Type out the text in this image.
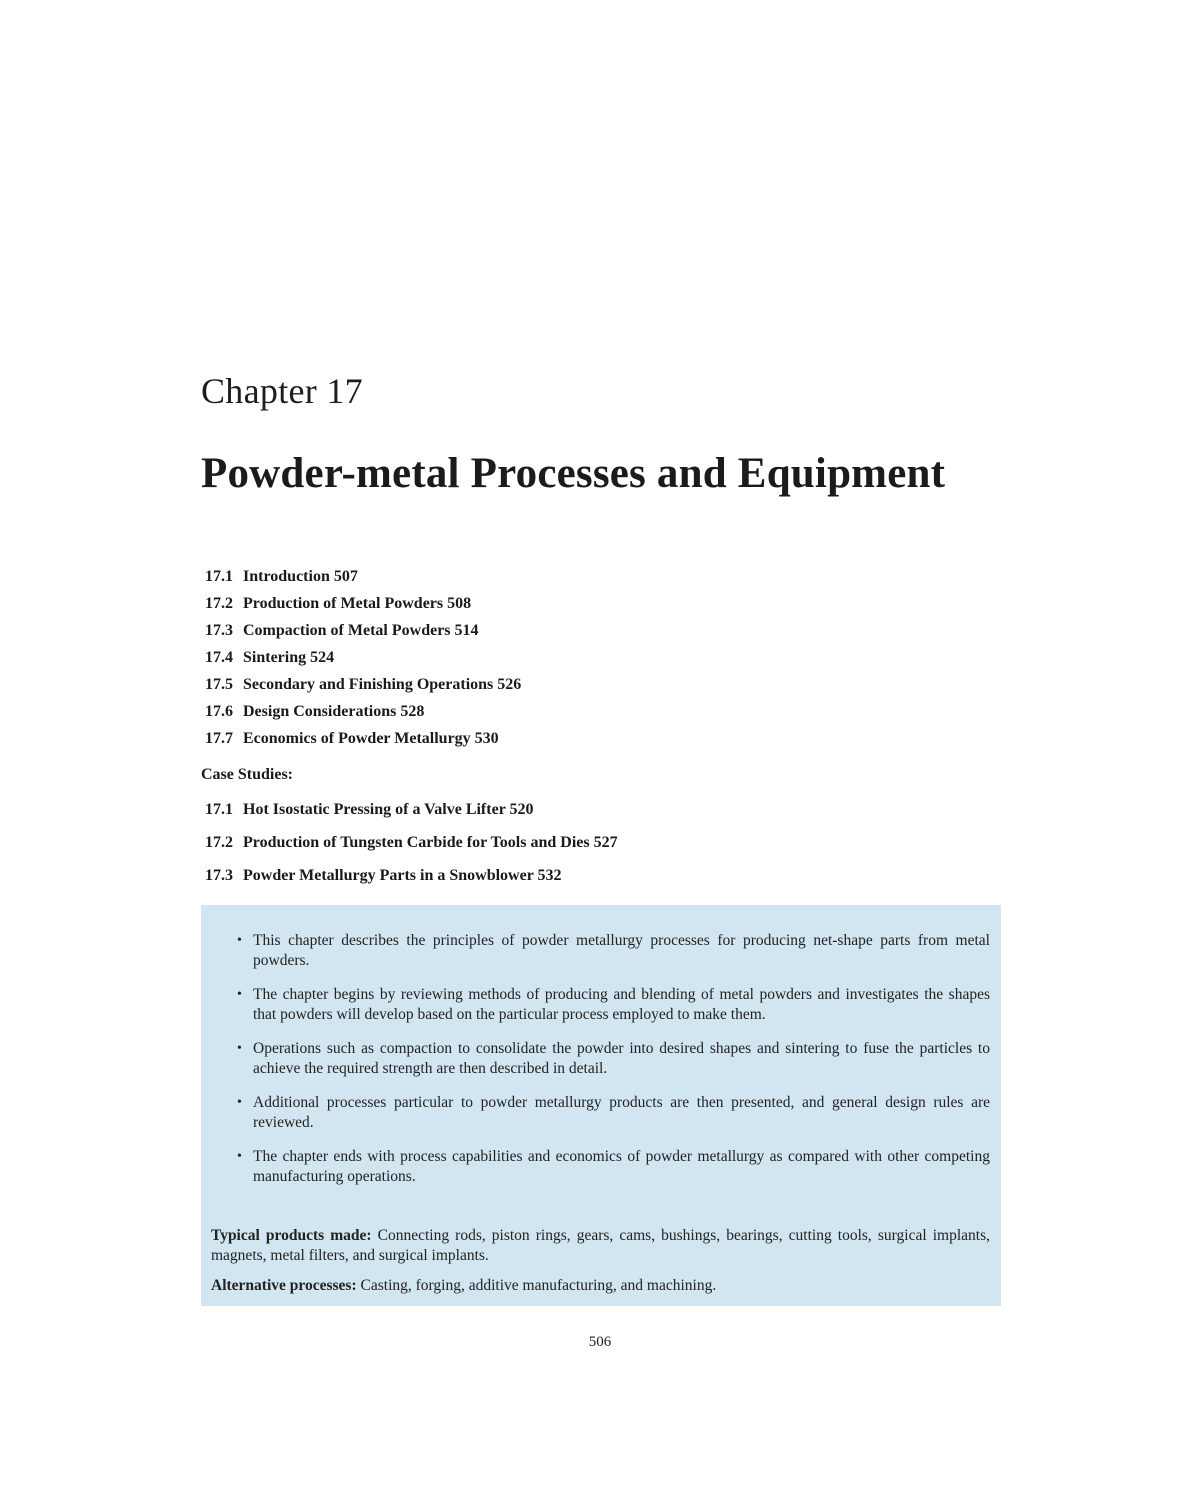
Chapter 17
Powder-metal Processes and Equipment
17.1 Introduction 507
17.2 Production of Metal Powders 508
17.3 Compaction of Metal Powders 514
17.4 Sintering 524
17.5 Secondary and Finishing Operations 526
17.6 Design Considerations 528
17.7 Economics of Powder Metallurgy 530
Case Studies:
17.1 Hot Isostatic Pressing of a Valve Lifter 520
17.2 Production of Tungsten Carbide for Tools and Dies 527
17.3 Powder Metallurgy Parts in a Snowblower 532
• This chapter describes the principles of powder metallurgy processes for producing net-shape parts from metal powders.
• The chapter begins by reviewing methods of producing and blending of metal powders and investigates the shapes that powders will develop based on the particular process employed to make them.
• Operations such as compaction to consolidate the powder into desired shapes and sintering to fuse the particles to achieve the required strength are then described in detail.
• Additional processes particular to powder metallurgy products are then presented, and general design rules are reviewed.
• The chapter ends with process capabilities and economics of powder metallurgy as compared with other competing manufacturing operations.
Typical products made: Connecting rods, piston rings, gears, cams, bushings, bearings, cutting tools, surgical implants, magnets, metal filters, and surgical implants.
Alternative processes: Casting, forging, additive manufacturing, and machining.
506
